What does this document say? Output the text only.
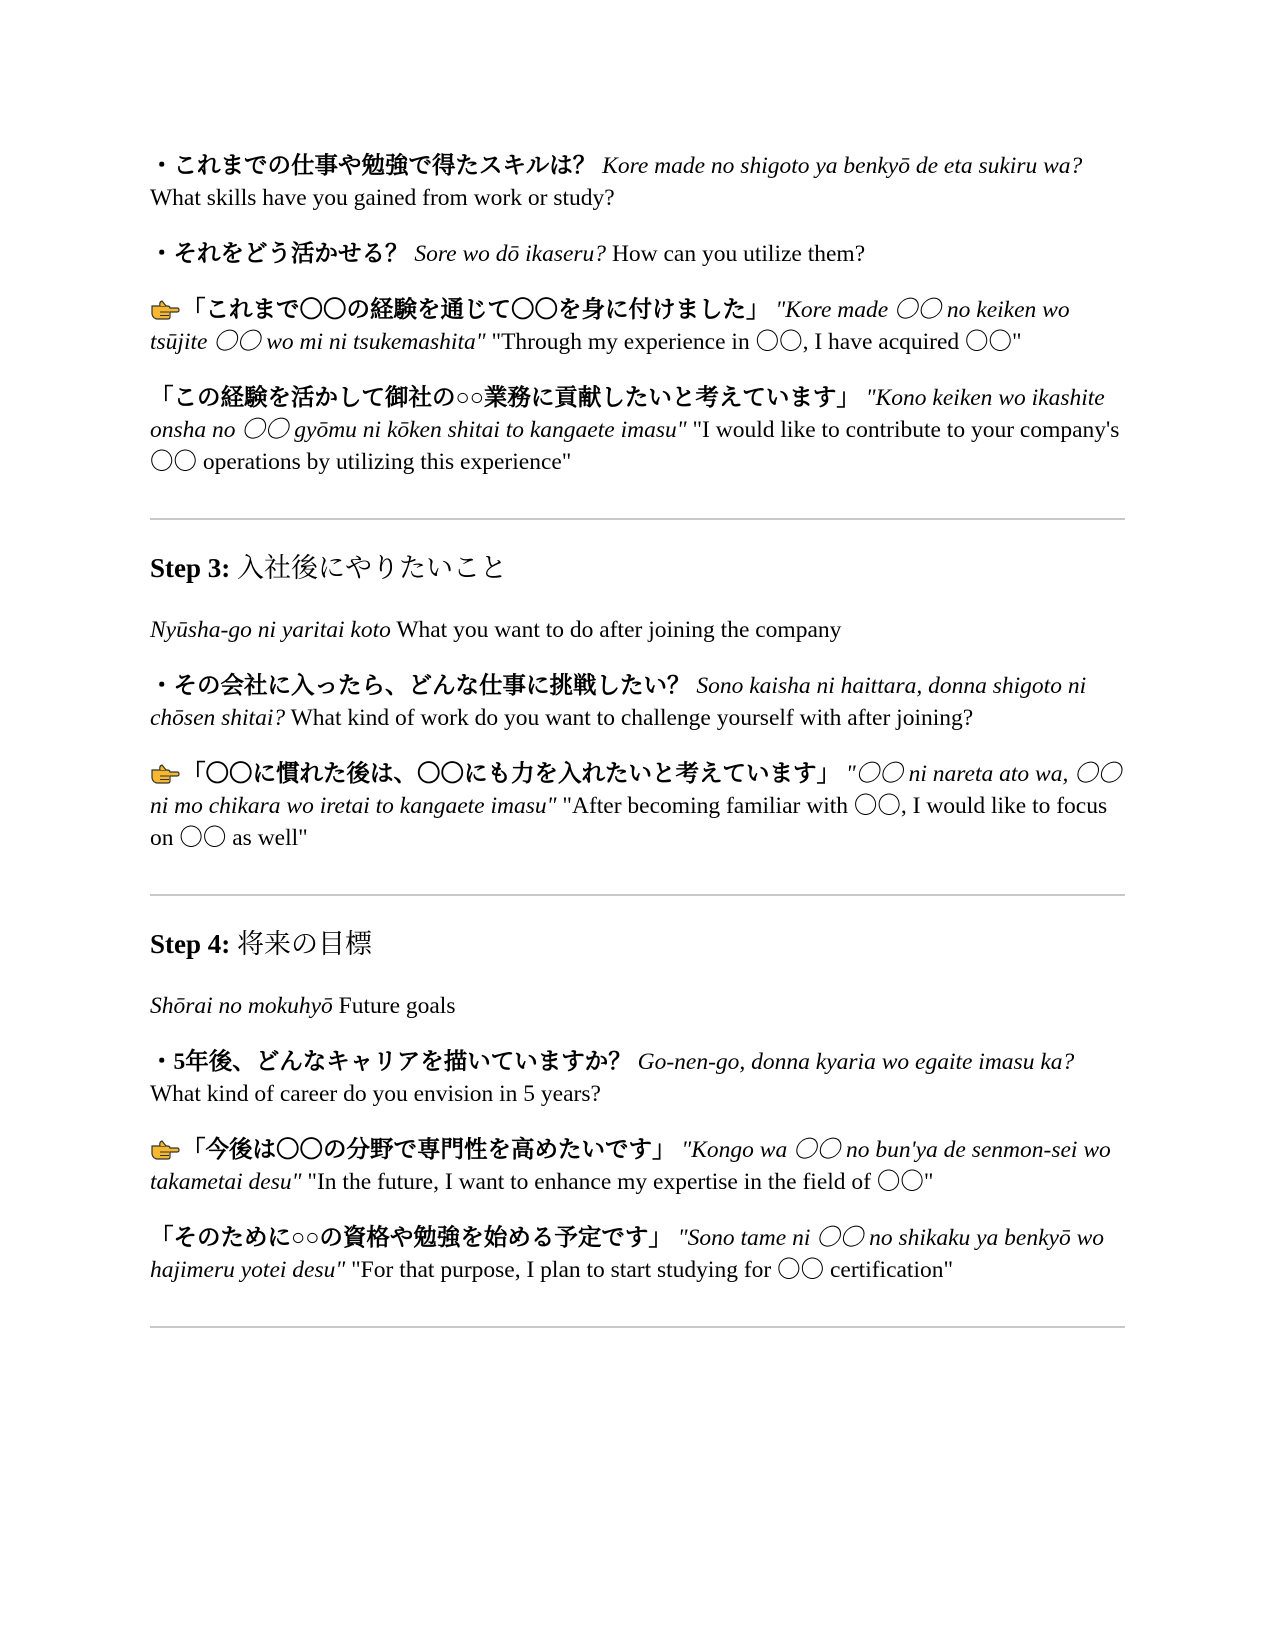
・これまでの仕事や勉強で得たスキルは？ Kore made no shigoto ya benkyō de eta sukiru wa? What skills have you gained from work or study?

・それをどう活かせる？ Sore wo dō ikaseru? How can you utilize them?

「これまで〇〇の経験を通じて〇〇を身に付けました」 "Kore made 〇〇 no keiken wo tsūjite 〇〇 wo mi ni tsukemashita" "Through my experience in 〇〇, I have acquired 〇〇"

「この経験を活かして御社の○○業務に貢献したいと考えています」 "Kono keiken wo ikashite onsha no 〇〇 gyōmu ni kōken shitai to kangaete imasu" "I would like to contribute to your company's 〇〇 operations by utilizing this experience"

Step 3: 入社後にやりたいこと

Nyūsha-go ni yaritai koto What you want to do after joining the company

・その会社に入ったら、どんな仕事に挑戦したい？ Sono kaisha ni haittara, donna shigoto ni chōsen shitai? What kind of work do you want to challenge yourself with after joining?

「〇〇に慣れた後は、〇〇にも力を入れたいと考えています」 "〇〇 ni nareta ato wa, 〇〇 ni mo chikara wo iretai to kangaete imasu" "After becoming familiar with 〇〇, I would like to focus on 〇〇 as well"

Step 4: 将来の目標

Shōrai no mokuhyō Future goals

・5年後、どんなキャリアを描いていますか？ Go-nen-go, donna kyaria wo egaite imasu ka? What kind of career do you envision in 5 years?

「今後は〇〇の分野で専門性を高めたいです」 "Kongo wa 〇〇 no bun'ya de senmon-sei wo takametai desu" "In the future, I want to enhance my expertise in the field of 〇〇"

「そのために○○の資格や勉強を始める予定です」 "Sono tame ni 〇〇 no shikaku ya benkyō wo hajimeru yotei desu" "For that purpose, I plan to start studying for 〇〇 certification"
